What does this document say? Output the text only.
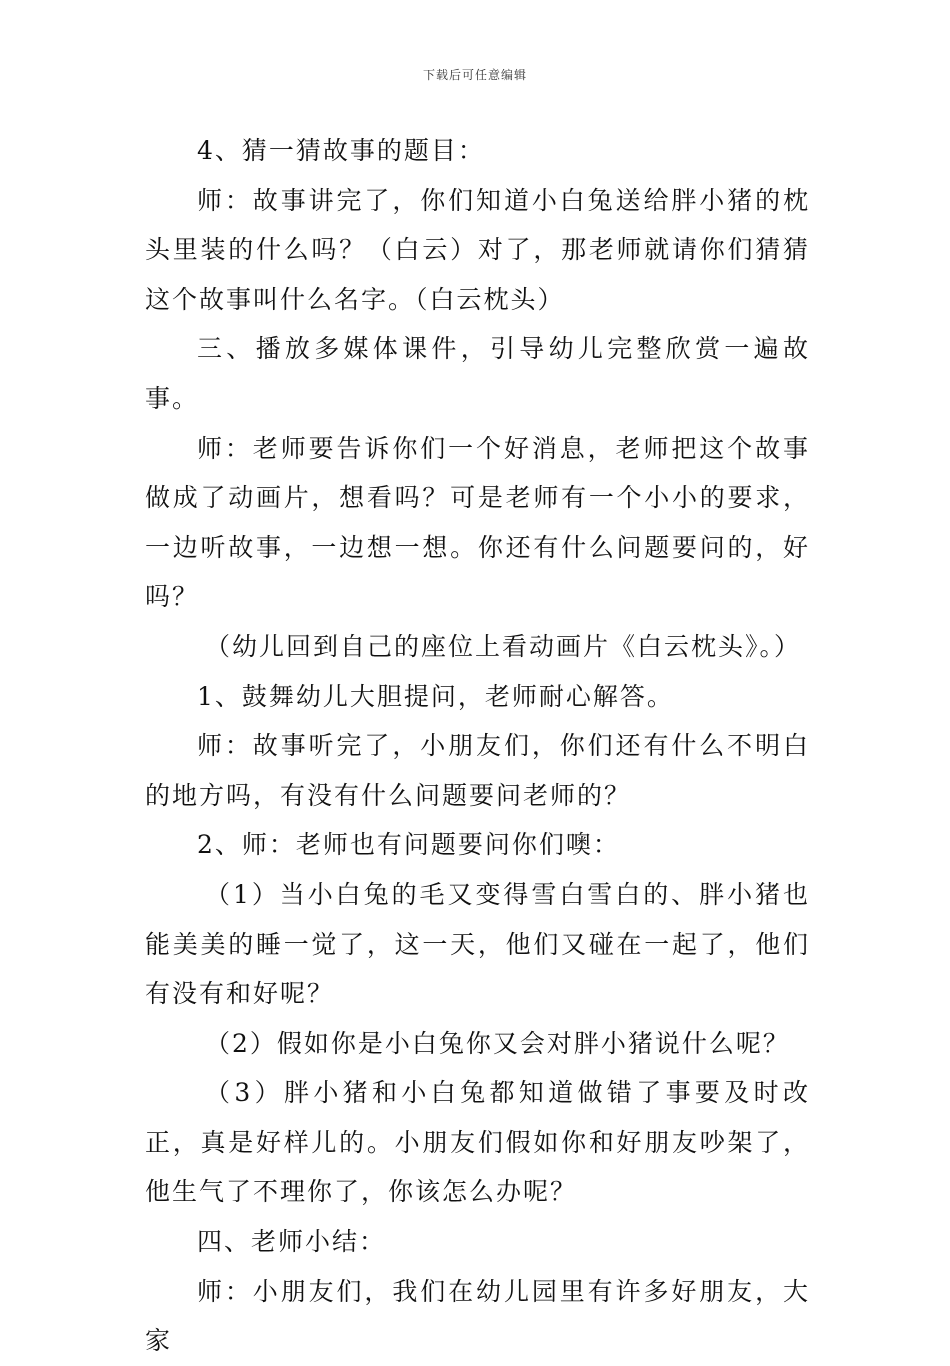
下载后可任意编辑

4、猜一猜故事的题目：

师：故事讲完了，你们知道小白兔送给胖小猪的枕头里装的什么吗？（白云）对了，那老师就请你们猜猜这个故事叫什么名字。（白云枕头）

三、播放多媒体课件，引导幼儿完整欣赏一遍故事。

师：老师要告诉你们一个好消息，老师把这个故事做成了动画片，想看吗？可是老师有一个小小的要求，一边听故事，一边想一想。你还有什么问题要问的，好吗？

（幼儿回到自己的座位上看动画片《白云枕头》。）

1、鼓舞幼儿大胆提问，老师耐心解答。

师：故事听完了，小朋友们，你们还有什么不明白的地方吗，有没有什么问题要问老师的？

2、师：老师也有问题要问你们噢：

（1）当小白兔的毛又变得雪白雪白的、胖小猪也能美美的睡一觉了，这一天，他们又碰在一起了，他们有没有和好呢？

（2）假如你是小白兔你又会对胖小猪说什么呢？

（3）胖小猪和小白兔都知道做错了事要及时改正，真是好样儿的。小朋友们假如你和好朋友吵架了，他生气了不理你了，你该怎么办呢？

四、老师小结：

师：小朋友们，我们在幼儿园里有许多好朋友，大家
